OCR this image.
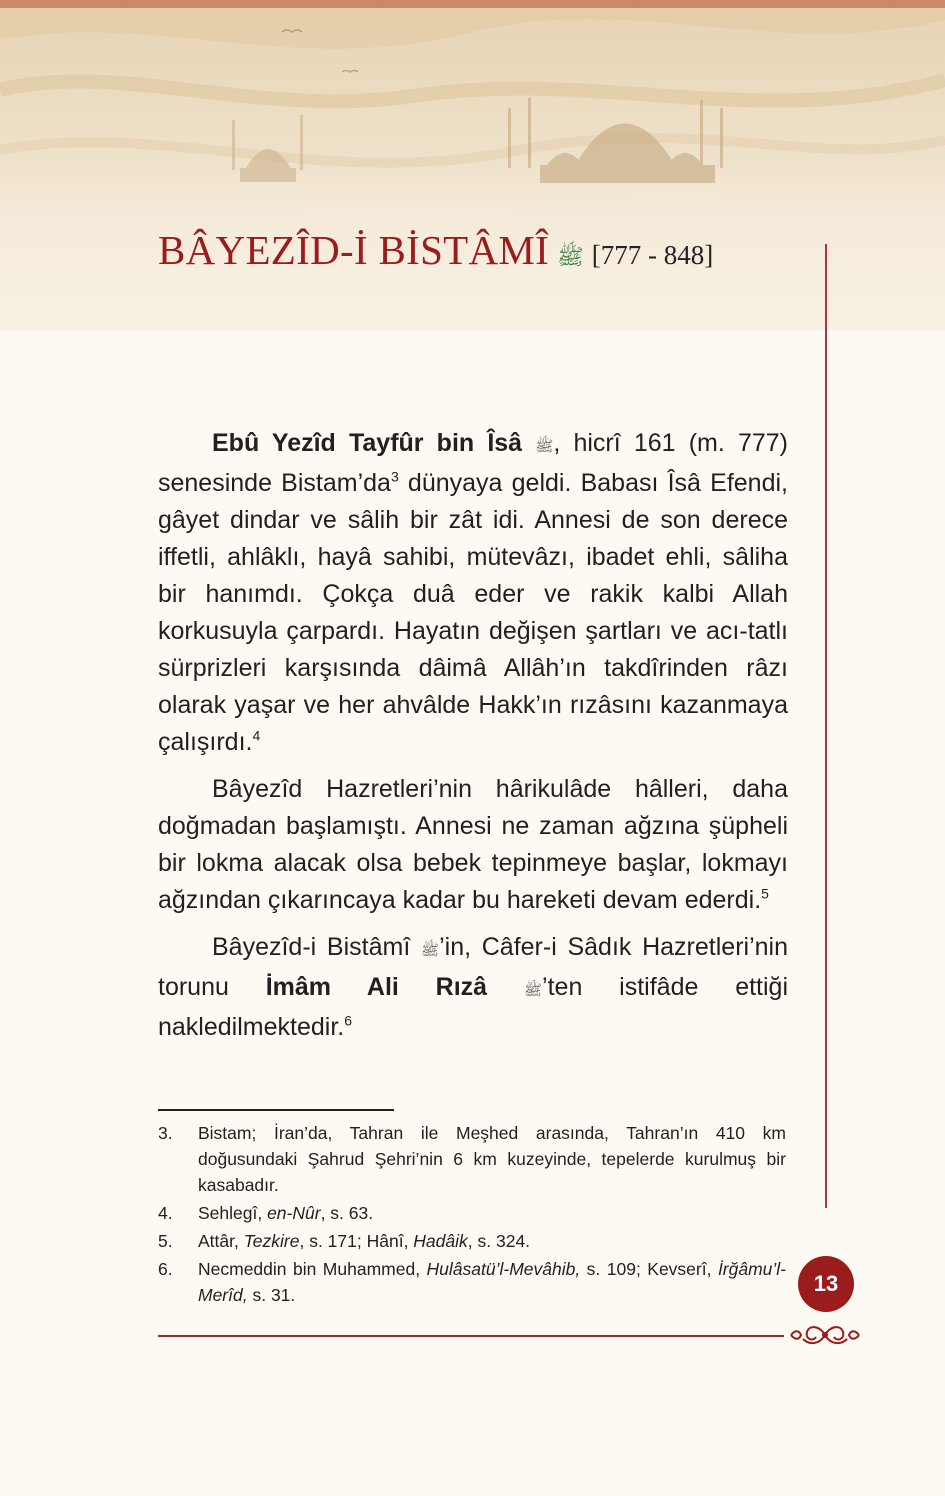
BÂYEZÎD-İ BİSTÂMÎ ﷺ [777 - 848]

Ebû Yezîd Tayfûr bin Îsâ ﷺ, hicrî 161 (m. 777) senesinde $Bistam’da^3$ dünyaya geldi. Babası Îsâ Efendi, gâyet dindar ve sâlih bir zât idi. Annesi de son derece iffetli, ahlâklı, hayâ sahibi, mütevâzı, ibadet ehli, sâliha bir hanımdı. Çokça duâ eder ve rakik kalbi Allah korkusuyla çarpardı. Hayatın değişen şartları ve acı-tatlı sürprizleri karşısında dâimâ Allâh’ın takdîrinden râzı olarak yaşar ve her ahvâlde Hakk’ın rızâsını kazanmaya çalışırdı.$^4$

Bâyezîd Hazretleri’nin hârikulâde hâlleri, daha doğmadan başlamıştı. Annesi ne zaman ağzına şüpheli bir lokma alacak olsa bebek tepinmeye başlar, lokmayı ağzından çıkarıncaya kadar bu hareketi devam ederdi.$^5$

Bâyezîd-i Bistâmî ﷺ’in, Câfer-i Sâdık Hazretleri’nin torunu İmâm Ali Rızâ ﷺ’ten istifâde ettiği nakledilmektedir.$^6$

3.	Bistam; İran’da, Tahran ile Meşhed arasında, Tahran’ın 410 km doğusundaki Şahrud Şehri’nin 6 km kuzeyinde, tepelerde kurulmuş bir kasabadır.
4.	Sehlegî, en-Nûr, s. 63.
5.	Attâr, Tezkire, s. 171; Hânî, Hadâik, s. 324.
6.	Necmeddin bin Muhammed, Hulâsatü’l-Mevâhib, s. 109; Kevserî, İrğâmu’l-Merîd, s. 31.	13
